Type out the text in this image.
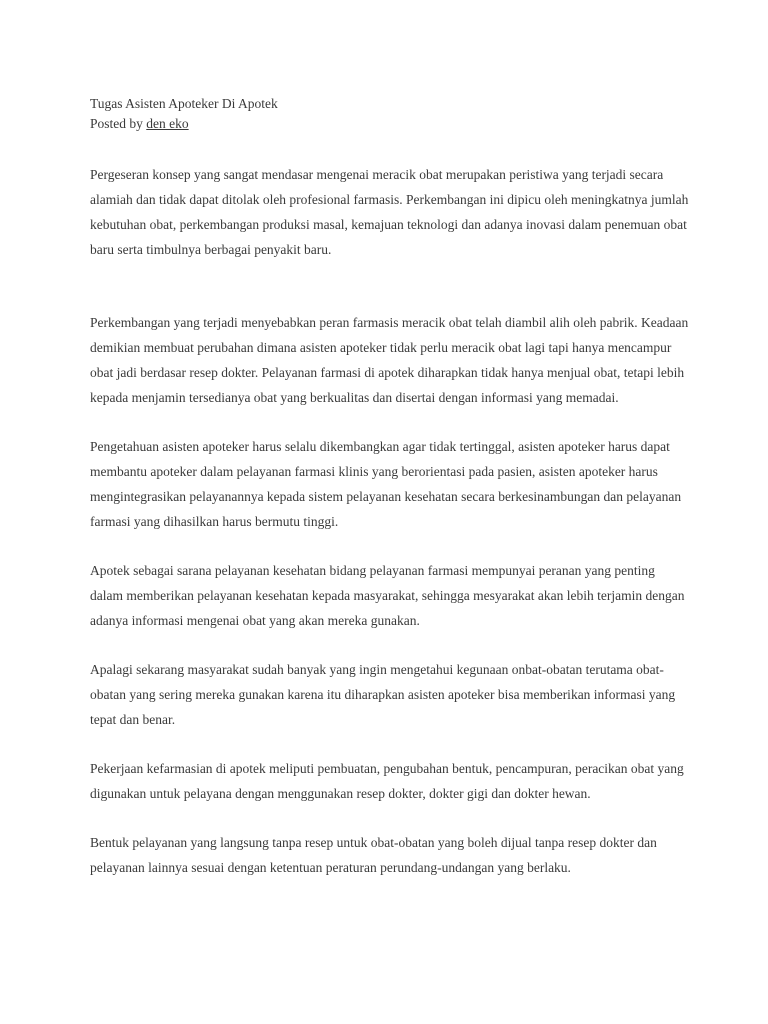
Tugas Asisten Apoteker Di Apotek
Posted by den eko

Pergeseran konsep yang sangat mendasar mengenai meracik obat merupakan peristiwa yang terjadi secara alamiah dan tidak dapat ditolak oleh profesional farmasis. Perkembangan ini dipicu oleh meningkatnya jumlah kebutuhan obat, perkembangan produksi masal, kemajuan teknologi dan adanya inovasi dalam penemuan obat baru serta timbulnya berbagai penyakit baru.

Perkembangan yang terjadi menyebabkan peran farmasis meracik obat telah diambil alih oleh pabrik. Keadaan demikian membuat perubahan dimana asisten apoteker tidak perlu meracik obat lagi tapi hanya mencampur obat jadi berdasar resep dokter. Pelayanan farmasi di apotek diharapkan tidak hanya menjual obat, tetapi lebih kepada menjamin tersedianya obat yang berkualitas dan disertai dengan informasi yang memadai.

Pengetahuan asisten apoteker harus selalu dikembangkan agar tidak tertinggal, asisten apoteker harus dapat membantu apoteker dalam pelayanan farmasi klinis yang berorientasi pada pasien, asisten apoteker harus mengintegrasikan pelayanannya kepada sistem pelayanan kesehatan secara berkesinambungan dan pelayanan farmasi yang dihasilkan harus bermutu tinggi.

Apotek sebagai sarana pelayanan kesehatan bidang pelayanan farmasi mempunyai peranan yang penting dalam memberikan pelayanan kesehatan kepada masyarakat, sehingga mesyarakat akan lebih terjamin dengan adanya informasi mengenai obat yang akan mereka gunakan.

Apalagi sekarang masyarakat sudah banyak yang ingin mengetahui kegunaan onbat-obatan terutama obat-obatan yang sering mereka gunakan karena itu diharapkan asisten apoteker bisa memberikan informasi yang tepat dan benar.

Pekerjaan kefarmasian di apotek meliputi pembuatan, pengubahan bentuk, pencampuran, peracikan obat yang digunakan untuk pelayana dengan menggunakan resep dokter, dokter gigi dan dokter hewan.

Bentuk pelayanan yang langsung tanpa resep untuk obat-obatan yang boleh dijual tanpa resep dokter dan pelayanan lainnya sesuai dengan ketentuan peraturan perundang-undangan yang berlaku.
